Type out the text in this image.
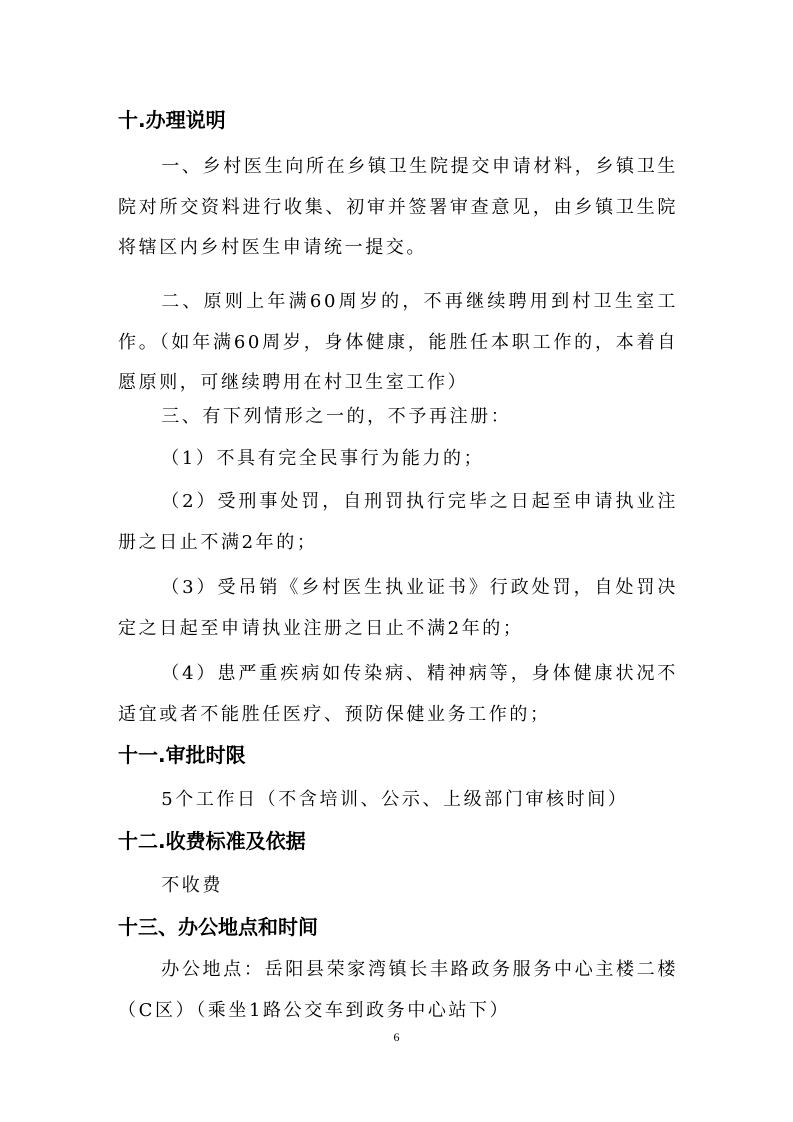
十.办理说明

一、乡村医生向所在乡镇卫生院提交申请材料，乡镇卫生院对所交资料进行收集、初审并签署审查意见，由乡镇卫生院将辖区内乡村医生申请统一提交。

二、原则上年满60周岁的，不再继续聘用到村卫生室工作。（如年满60周岁，身体健康，能胜任本职工作的，本着自愿原则，可继续聘用在村卫生室工作）

三、有下列情形之一的，不予再注册：

（1）不具有完全民事行为能力的；

（2）受刑事处罚，自刑罚执行完毕之日起至申请执业注册之日止不满2年的；

（3）受吊销《乡村医生执业证书》行政处罚，自处罚决定之日起至申请执业注册之日止不满2年的；

（4）患严重疾病如传染病、精神病等，身体健康状况不适宜或者不能胜任医疗、预防保健业务工作的；

十一.审批时限

5个工作日（不含培训、公示、上级部门审核时间）

十二.收费标准及依据

不收费

十三、办公地点和时间

办公地点：岳阳县荣家湾镇长丰路政务服务中心主楼二楼（C区）（乘坐1路公交车到政务中心站下）

6
